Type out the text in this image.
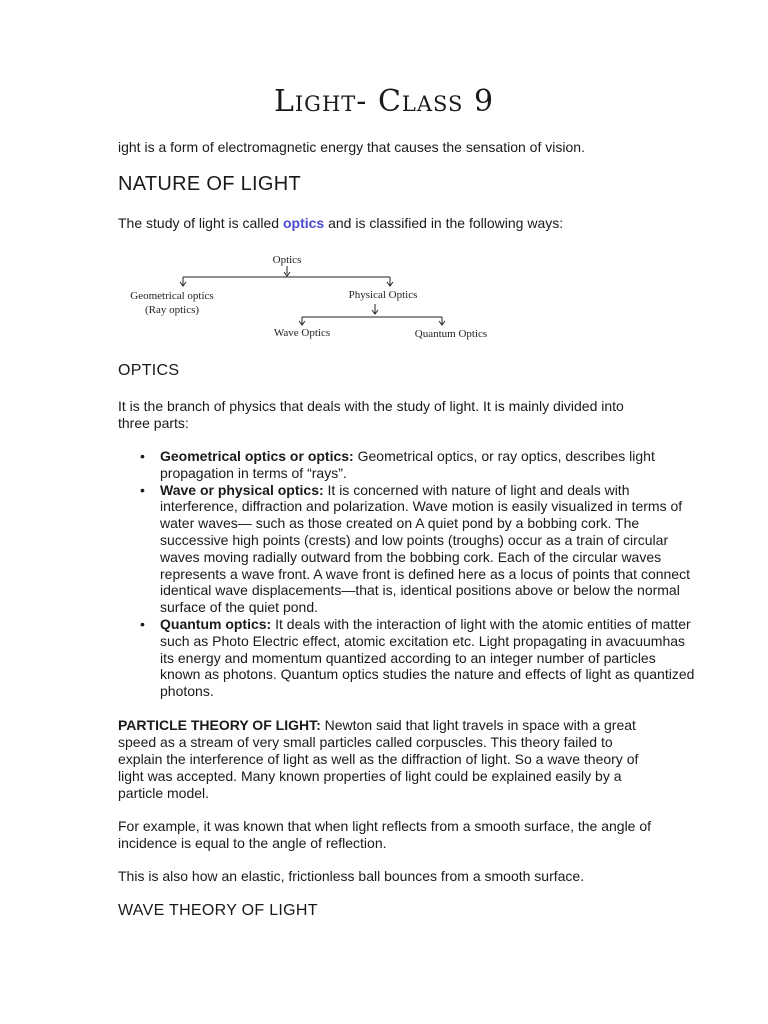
Light- Class 9

ight is a form of electromagnetic energy that causes the sensation of vision.

NATURE OF LIGHT

The study of light is called optics and is classified in the following ways:

Optics
Geometrical optics
(Ray optics)
Physical Optics
Wave Optics	Quantum Optics
OPTICS

It is the branch of physics that deals with the study of light. It is mainly divided into three parts:

• Geometrical optics or optics: Geometrical optics, or ray optics, describes light propagation in terms of “rays”.
• Wave or physical optics: It is concerned with nature of light and deals with interference, diffraction and polarization. Wave motion is easily visualized in terms of water waves— such as those created on A quiet pond by a bobbing cork. The successive high points (crests) and low points (troughs) occur as a train of circular waves moving radially outward from the bobbing cork. Each of the circular waves represents a wave front. A wave front is defined here as a locus of points that connect identical wave displacements—that is, identical positions above or below the normal surface of the quiet pond.
• Quantum optics: It deals with the interaction of light with the atomic entities of matter such as Photo Electric effect, atomic excitation etc. Light propagating in avacuumhas its energy and momentum quantized according to an integer number of particles known as photons. Quantum optics studies the nature and effects of light as quantized photons.

PARTICLE THEORY OF LIGHT: Newton said that light travels in space with a great speed as a stream of very small particles called corpuscles. This theory failed to explain the interference of light as well as the diffraction of light. So a wave theory of light was accepted. Many known properties of light could be explained easily by a particle model.

For example, it was known that when light reflects from a smooth surface, the angle of incidence is equal to the angle of reflection.

This is also how an elastic, frictionless ball bounces from a smooth surface.

WAVE THEORY OF LIGHT
